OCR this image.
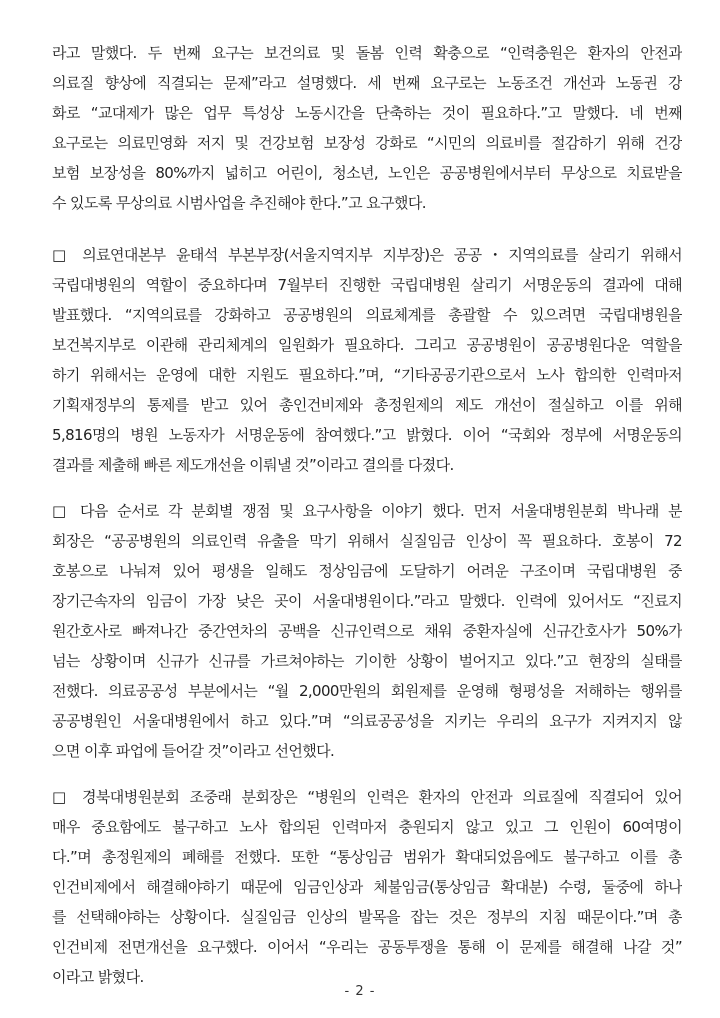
라고 말했다. 두 번째 요구는 보건의료 및 돌봄 인력 확충으로 “인력충원은 환자의 안전과
의료질 향상에 직결되는 문제”라고 설명했다. 세 번째 요구로는 노동조건 개선과 노동권 강
화로 “교대제가 많은 업무 특성상 노동시간을 단축하는 것이 필요하다.”고 말했다. 네 번째
요구로는 의료민영화 저지 및 건강보험 보장성 강화로 “시민의 의료비를 절감하기 위해 건강
보험 보장성을 80%까지 넓히고 어린이, 청소년, 노인은 공공병원에서부터 무상으로 치료받을
수 있도록 무상의료 시범사업을 추진해야 한다.”고 요구했다.
□ 의료연대본부 윤태석 부본부장(서울지역지부 지부장)은 공공・지역의료를 살리기 위해서
국립대병원의 역할이 중요하다며 7월부터 진행한 국립대병원 살리기 서명운동의 결과에 대해
발표했다. “지역의료를 강화하고 공공병원의 의료체계를 총괄할 수 있으려면 국립대병원을
보건복지부로 이관해 관리체계의 일원화가 필요하다. 그리고 공공병원이 공공병원다운 역할을
하기 위해서는 운영에 대한 지원도 필요하다.”며, “기타공공기관으로서 노사 합의한 인력마저
기획재정부의 통제를 받고 있어 총인건비제와 총정원제의 제도 개선이 절실하고 이를 위해
5,816명의 병원 노동자가 서명운동에 참여했다.”고 밝혔다. 이어 “국회와 정부에 서명운동의
결과를 제출해 빠른 제도개선을 이뤄낼 것”이라고 결의를 다졌다.
□ 다음 순서로 각 분회별 쟁점 및 요구사항을 이야기 했다. 먼저 서울대병원분회 박나래 분
회장은 “공공병원의 의료인력 유출을 막기 위해서 실질임금 인상이 꼭 필요하다. 호봉이 72
호봉으로 나눠져 있어 평생을 일해도 정상임금에 도달하기 어려운 구조이며 국립대병원 중
장기근속자의 임금이 가장 낮은 곳이 서울대병원이다.”라고 말했다. 인력에 있어서도 “진료지
원간호사로 빠져나간 중간연차의 공백을 신규인력으로 채워 중환자실에 신규간호사가 50%가
넘는 상황이며 신규가 신규를 가르쳐야하는 기이한 상황이 벌어지고 있다.”고 현장의 실태를
전했다. 의료공공성 부분에서는 “월 2,000만원의 회원제를 운영해 형평성을 저해하는 행위를
공공병원인 서울대병원에서 하고 있다.”며 “의료공공성을 지키는 우리의 요구가 지켜지지 않
으면 이후 파업에 들어갈 것”이라고 선언했다.
□ 경북대병원분회 조중래 분회장은 “병원의 인력은 환자의 안전과 의료질에 직결되어 있어
매우 중요함에도 불구하고 노사 합의된 인력마저 충원되지 않고 있고 그 인원이 60여명이
다.”며 총정원제의 폐해를 전했다. 또한 “통상임금 범위가 확대되었음에도 불구하고 이를 총
인건비제에서 해결해야하기 때문에 임금인상과 체불임금(통상임금 확대분) 수령, 둘중에 하나
를 선택해야하는 상황이다. 실질임금 인상의 발목을 잡는 것은 정부의 지침 때문이다.”며 총
인건비제 전면개선을 요구했다. 이어서 “우리는 공동투쟁을 통해 이 문제를 해결해 나갈 것”
이라고 밝혔다.
- 2 -
